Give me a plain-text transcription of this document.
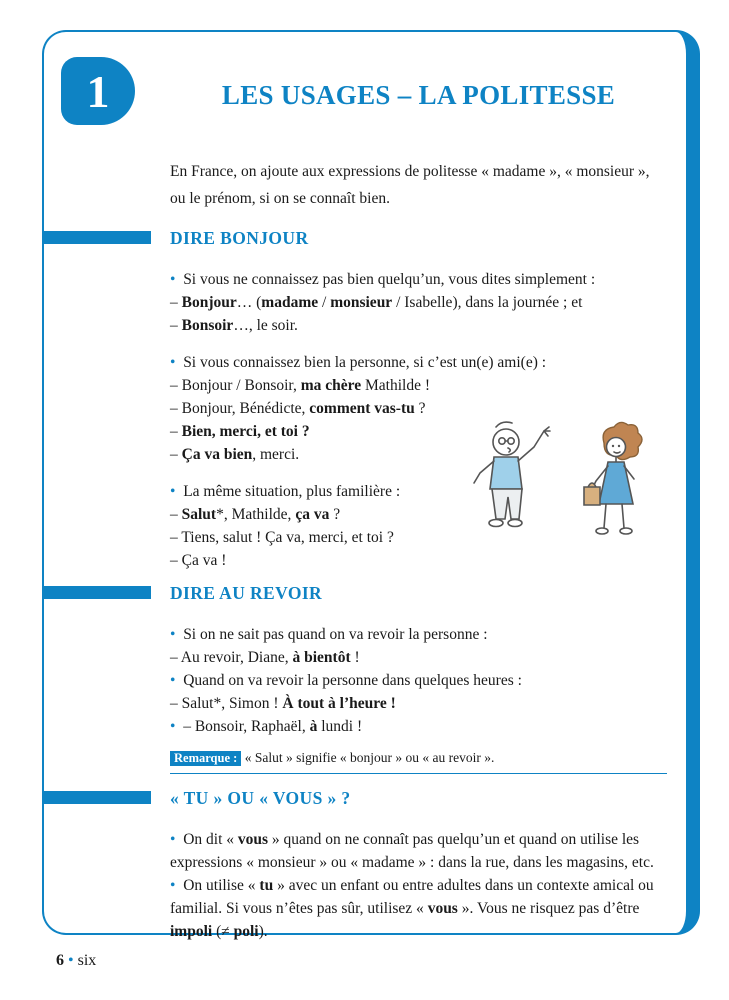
1	LES USAGES – LA POLITESSE

En France, on ajoute aux expressions de politesse « madame », « monsieur », ou le prénom, si on se connaît bien.

DIRE BONJOUR

• Si vous ne connaissez pas bien quelqu’un, vous dites simplement :

– Bonjour… (madame / monsieur / Isabelle), dans la journée ; et

– Bonsoir…, le soir.

• Si vous connaissez bien la personne, si c’est un(e) ami(e) :

– Bonjour / Bonsoir, ma chère Mathilde !

– Bonjour, Bénédicte, comment vas-tu ?

– Bien, merci, et toi ?

– Ça va bien, merci.

• La même situation, plus familière :

– Salut*, Mathilde, ça va ?

– Tiens, salut ! Ça va, merci, et toi ?

– Ça va !

DIRE AU REVOIR

• Si on ne sait pas quand on va revoir la personne :

– Au revoir, Diane, à bientôt !

• Quand on va revoir la personne dans quelques heures :

– Salut*, Simon ! À tout à l’heure !

• – Bonsoir, Raphaël, à lundi !

Remarque : « Salut » signifie « bonjour » ou « au revoir ».

« TU » OU « VOUS » ?

• On dit « vous » quand on ne connaît pas quelqu’un et quand on utilise les expressions « monsieur » ou « madame » : dans la rue, dans les magasins, etc.

• On utilise « tu » avec un enfant ou entre adultes dans un contexte amical ou familial. Si vous n’êtes pas sûr, utilisez « vous ». Vous ne risquez pas d’être impoli (≠ poli).

6 • six
